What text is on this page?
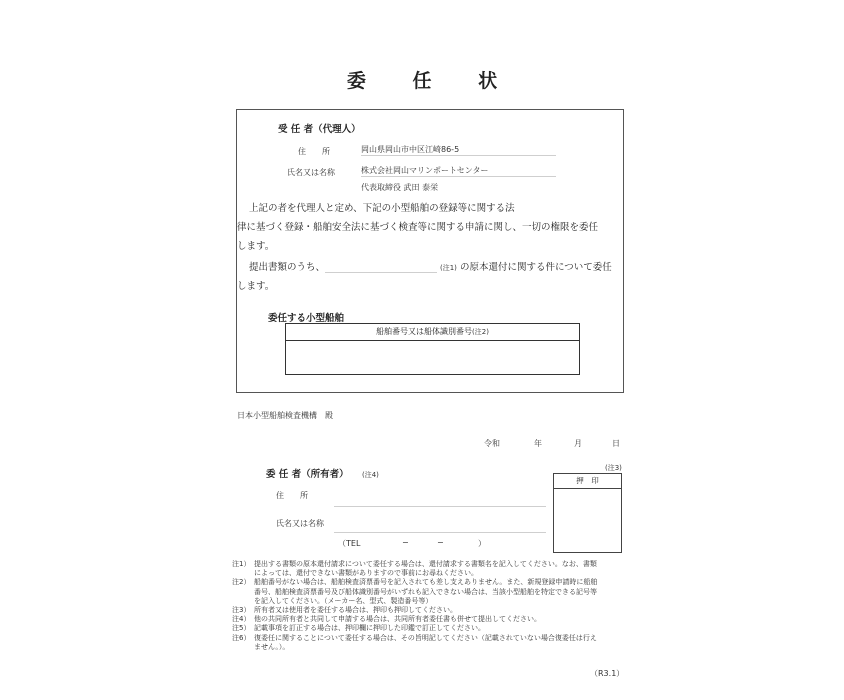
委 任 状
受 任 者（代理人）
住　　所	岡山県岡山市中区江崎86-5
氏名又は名称	株式会社岡山マリンポートセンター
代表取締役 武田 泰栄
上記の者を代理人と定め、下記の小型船舶の登録等に関する法
律に基づく登録・船舶安全法に基づく検査等に関する申請に関し、一切の権限を委任
します。
提出書類のうち、	(注1) の原本還付に関する件について委任
します。
委任する小型船舶
船舶番号又は船体識別番号(注2)
日本小型船舶検査機構　殿
令和	年	月	日
委 任 者（所有者） (注4)
住　　所
氏名又は名称
（TEL	−	−	）
(注3)
押　印
注1） 提出する書類の原本還付請求について委任する場合は、還付請求する書類名を記入してください。なお、書類
によっては、還付できない書類がありますので事前にお尋ねください。
注2） 船舶番号がない場合は、船舶検査済票番号を記入されても差し支えありません。また、新規登録申請時に船舶
番号、船舶検査済票番号及び船体識別番号がいずれも記入できない場合は、当該小型船舶を特定できる記号等
を記入してください。（メーカー名、型式、製造番号等）
注3） 所有者又は使用者を委任する場合は、押印も押印してください。
注4） 他の共同所有者と共同して申請する場合は、共同所有者委任書も併せて提出してください。
注5） 記載事項を訂正する場合は、押印欄に押印した印鑑で訂正してください。
注6） 復委任に関することについて委任する場合は、その旨明記してください（記載されていない場合復委任は行え
ません。）。
（R3.1）
